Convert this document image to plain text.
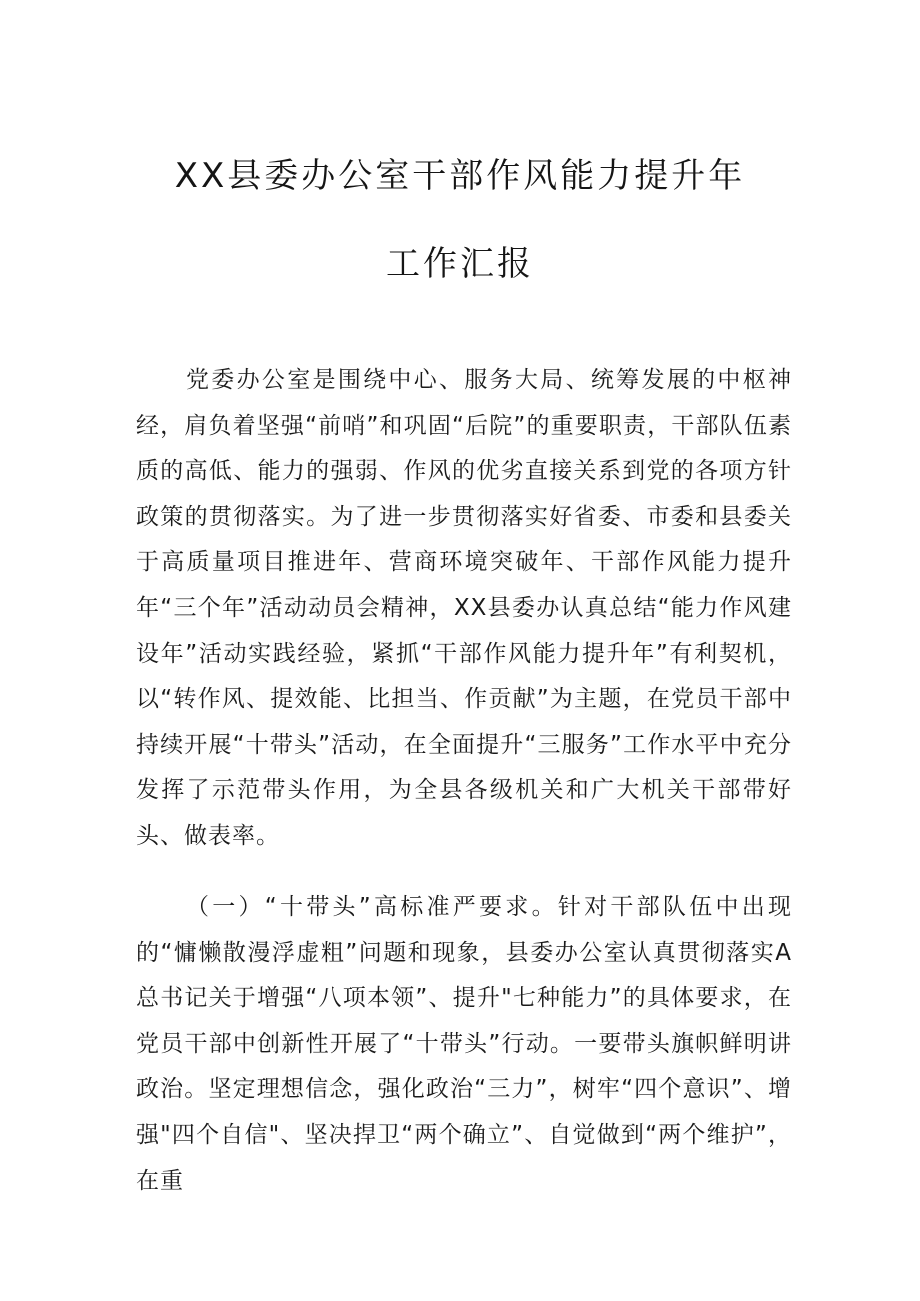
XX县委办公室干部作风能力提升年
工作汇报

党委办公室是围绕中心、服务大局、统筹发展的中枢神经，肩负着坚强“前哨”和巩固“后院”的重要职责，干部队伍素质的高低、能力的强弱、作风的优劣直接关系到党的各项方针政策的贯彻落实。为了进一步贯彻落实好省委、市委和县委关于高质量项目推进年、营商环境突破年、干部作风能力提升年“三个年”活动动员会精神，XX县委办认真总结“能力作风建设年”活动实践经验，紧抓“干部作风能力提升年”有利契机，以“转作风、提效能、比担当、作贡献”为主题，在党员干部中持续开展“十带头”活动，在全面提升“三服务”工作水平中充分发挥了示范带头作用，为全县各级机关和广大机关干部带好头、做表率。

（一）“十带头”高标准严要求。针对干部队伍中出现的“慵懒散漫浮虚粗”问题和现象，县委办公室认真贯彻落实A总书记关于增强“八项本领”、提升"七种能力”的具体要求，在党员干部中创新性开展了“十带头”行动。一要带头旗帜鲜明讲政治。坚定理想信念，强化政治“三力”，树牢“四个意识”、增强"四个自信"、坚决捍卫“两个确立”、自觉做到“两个维护”，在重
